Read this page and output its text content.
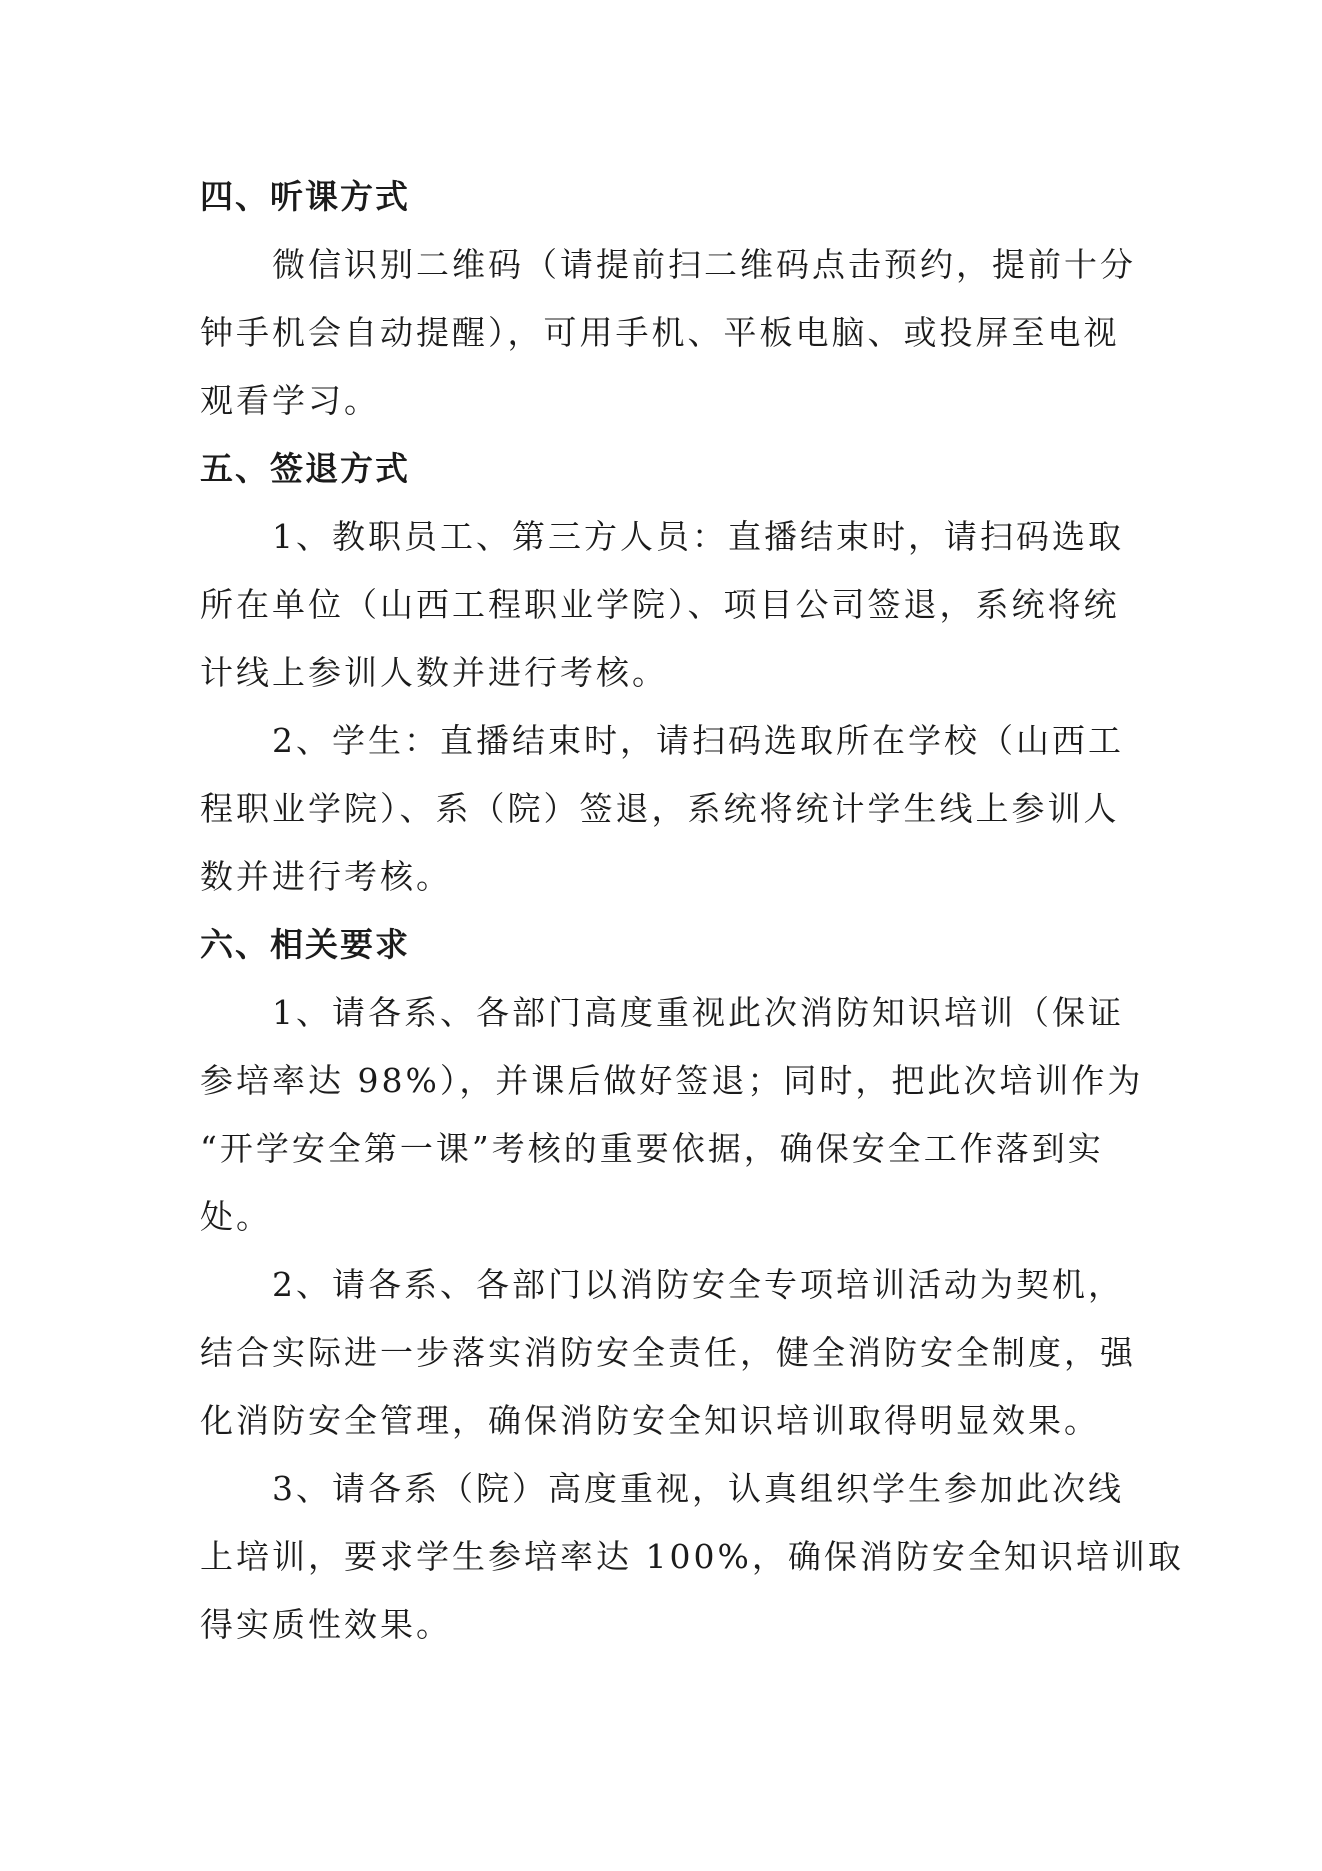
四、听课方式

微信识别二维码（请提前扫二维码点击预约，提前十分
钟手机会自动提醒），可用手机、平板电脑、或投屏至电视
观看学习。

五、签退方式

1、教职员工、第三方人员：直播结束时，请扫码选取
所在单位（山西工程职业学院）、项目公司签退，系统将统
计线上参训人数并进行考核。

2、学生：直播结束时，请扫码选取所在学校（山西工
程职业学院）、系（院）签退，系统将统计学生线上参训人
数并进行考核。

六、相关要求

1、请各系、各部门高度重视此次消防知识培训（保证
参培率达 98%），并课后做好签退；同时，把此次培训作为
“开学安全第一课”考核的重要依据，确保安全工作落到实
处。

2、请各系、各部门以消防安全专项培训活动为契机，
结合实际进一步落实消防安全责任，健全消防安全制度，强
化消防安全管理，确保消防安全知识培训取得明显效果。

3、请各系（院）高度重视，认真组织学生参加此次线
上培训，要求学生参培率达 100%，确保消防安全知识培训取
得实质性效果。
